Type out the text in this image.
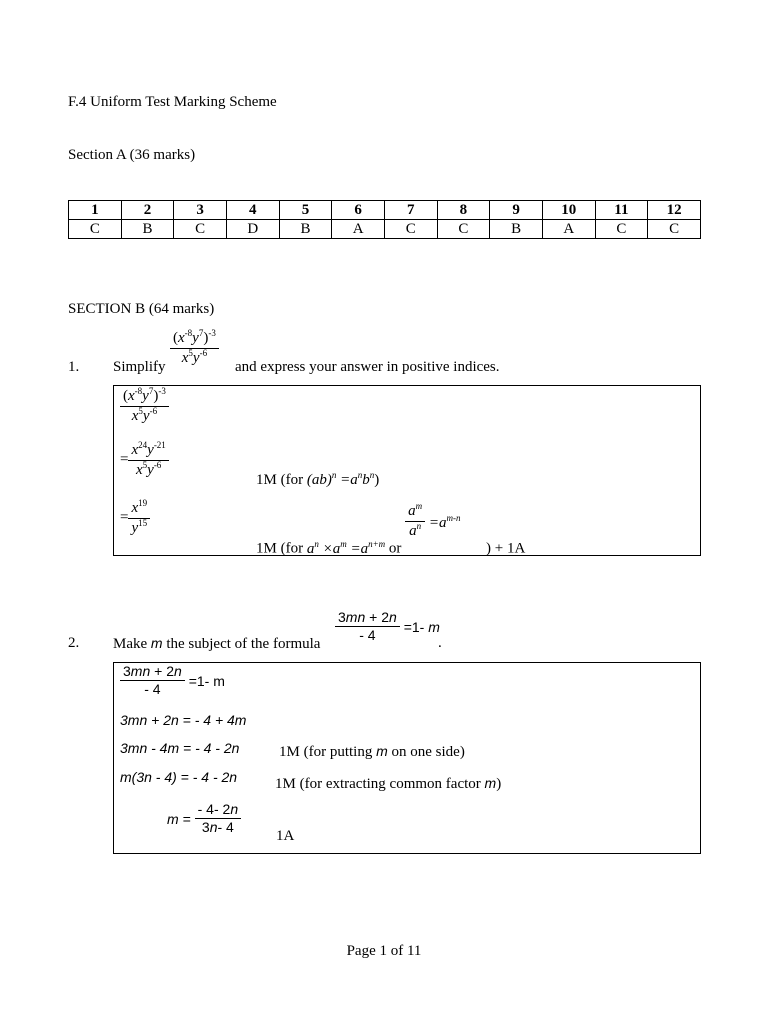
F.4 Uniform Test Marking Scheme
Section A (36 marks)
1	2	3	4	5	6	7	8	9	10	11	12
C	B	C	D	B	A	C	C	B	A	C	C
SECTION B (64 marks)
1. Simplify
$\frac{(x^{-8}y^7)^{-3}}{x^5y^{-6}}$
and express your answer in positive indices.
$\frac{(x^{-8}y^7)^{-3}}{x^5y^{-6}}$
= $\frac{x^{24}y^{-21}}{x^5y^{-6}}$
1M (for $(ab)^n =a^nb^n$)
= $\frac{x^{19}}{y^{15}}$
1M (for $a^n \times a^m =a^{n+m}$ or
$\frac{a^m}{a^n} =a^{m-n}$  ) + 1A
2. Make m the subject of the formula
$\frac{3mn + 2n}{- 4} =1-$ m
.
$\frac{3mn + 2n}{- 4} =1-$ m
3mn + 2n = - 4 + 4m
3mn - 4m = - 4 - 2n	1M (for putting m on one side)
m(3n - 4) = - 4 - 2n	1M (for extracting common factor m)
$m = \frac{- 4- 2n}{3n- 4}$
1A
Page 1 of 11
